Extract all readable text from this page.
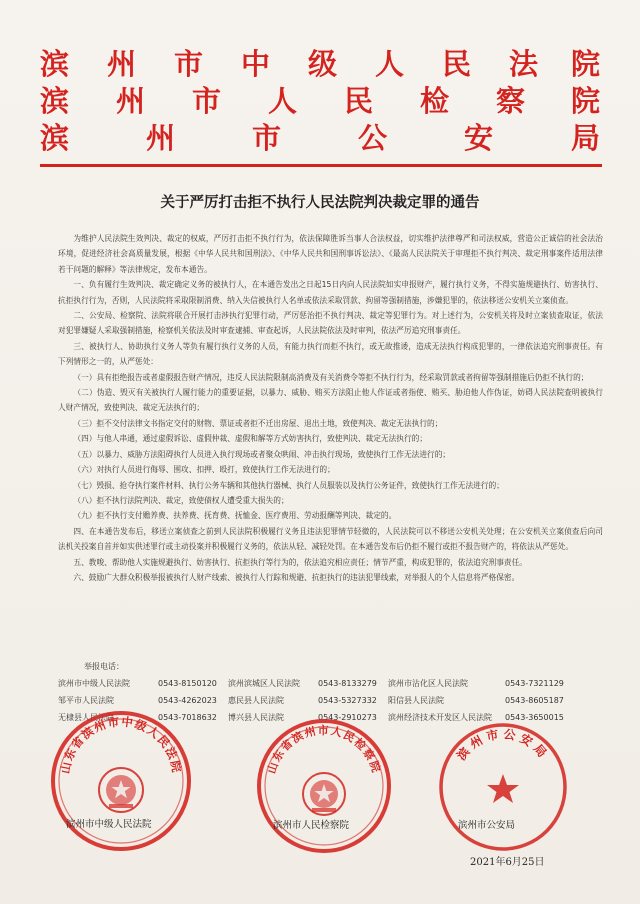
滨 州 市 中 级 人 民 法 院
滨 州 市 人 民 检 察 院
滨	州	市	公	安	局
关于严厉打击拒不执行人民法院判决裁定罪的通告

为维护人民法院生效判决、裁定的权威，严厉打击拒不执行行为，依法保障胜诉当事人合法权益，切实维护法律尊严和司法权威，营造公正诚信的社会法治环境，促进经济社会高质量发展，根据《中华人民共和国刑法》、《中华人民共和国刑事诉讼法》、《最高人民法院关于审理拒不执行判决、裁定刑事案件适用法律若干问题的解释》等法律规定，发布本通告。

一、负有履行生效判决、裁定确定义务的被执行人，在本通告发出之日起15日内向人民法院如实申报财产，履行执行义务，不得实施规避执行、妨害执行、抗拒执行行为，否则，人民法院将采取限制消费、纳入失信被执行人名单或依法采取罚款、拘留等强制措施，涉嫌犯罪的，依法移送公安机关立案侦查。

二、公安局、检察院、法院将联合开展打击涉执行犯罪行动，严厉惩治拒不执行判决、裁定等犯罪行为。对上述行为，公安机关将及时立案侦查取证，依法对犯罪嫌疑人采取强制措施，检察机关依法及时审查逮捕、审查起诉，人民法院依法及时审判，依法严厉追究刑事责任。

三、被执行人、协助执行义务人等负有履行执行义务的人员，有能力执行而拒不执行，或无故推诿，造成无法执行构成犯罪的，一律依法追究刑事责任。有下列情形之一的，从严惩处：

（一）具有拒绝报告或者虚假报告财产情况，违反人民法院限制高消费及有关消费令等拒不执行行为，经采取罚款或者拘留等强制措施后仍拒不执行的；

（二）伪造、毁灭有关被执行人履行能力的重要证据，以暴力、威胁、贿买方法阻止他人作证或者指使、贿买、胁迫他人作伪证，妨碍人民法院查明被执行人财产情况，致使判决、裁定无法执行的；

（三）拒不交付法律文书指定交付的财物、票证或者拒不迁出房屋、退出土地，致使判决、裁定无法执行的；

（四）与他人串通，通过虚假诉讼、虚假仲裁、虚假和解等方式妨害执行，致使判决、裁定无法执行的；

（五）以暴力、威胁方法阻碍执行人员进入执行现场或者聚众哄闹、冲击执行现场，致使执行工作无法进行的；

（六）对执行人员进行侮辱、围攻、扣押、殴打，致使执行工作无法进行的；

（七）毁损、抢夺执行案件材料、执行公务车辆和其他执行器械、执行人员服装以及执行公务证件，致使执行工作无法进行的；

（八）拒不执行法院判决、裁定，致使债权人遭受重大损失的；

（九）拒不执行支付赡养费、扶养费、抚育费、抚恤金、医疗费用、劳动报酬等判决、裁定的。

四、在本通告发布后，移送立案侦查之前到人民法院积极履行义务且违法犯罪情节轻微的，人民法院可以不移送公安机关处理；在公安机关立案侦查后向司法机关投案自首并如实供述罪行或主动投案并积极履行义务的，依法从轻、减轻处罚。在本通告发布后仍拒不履行或拒不报告财产的，将依法从严惩处。

五、教唆、帮助他人实施规避执行、妨害执行、抗拒执行等行为的，依法追究相应责任；情节严重，构成犯罪的，依法追究刑事责任。

六、鼓励广大群众积极举报被执行人财产线索、被执行人行踪和规避、抗拒执行的违法犯罪线索，对举报人的个人信息将严格保密。

举报电话：
滨州市中级人民法院	0543-8150120 滨州滨城区人民法院 0543-8133279 滨州市沾化区人民法院	0543-7321129
邹平市人民法院	0543-4262023 惠民县人民法院	0543-5327332 阳信县人民法院	0543-8605187
无棣县人民法院	0543-7018632 博兴县人民法院	0543-2910273 滨州经济技术开发区人民法院 0543-3650015
山东省滨州市中级人民法院	山东省滨州市人民检察院
滨州市公安局
滨州市中级人民法院	滨州市人民检察院	滨州市公安局
2021年6月25日
